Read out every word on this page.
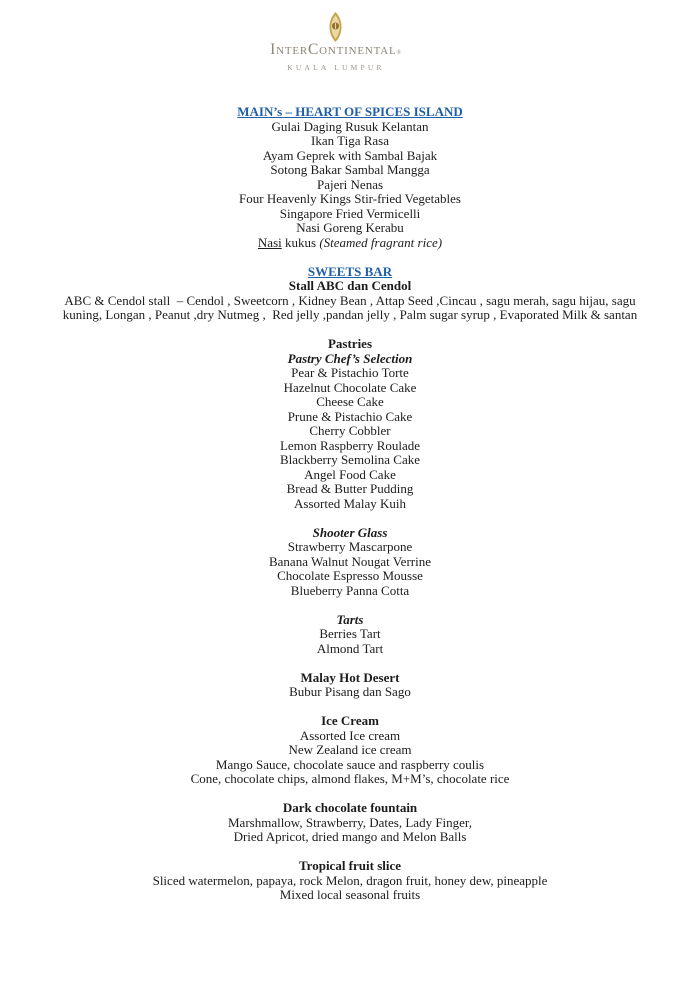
InterContinental®
KUALA LUMPUR
MAIN’s – HEART OF SPICES ISLAND
Gulai Daging Rusuk Kelantan
Ikan Tiga Rasa
Ayam Geprek with Sambal Bajak
Sotong Bakar Sambal Mangga
Pajeri Nenas
Four Heavenly Kings Stir-fried Vegetables
Singapore Fried Vermicelli
Nasi Goreng Kerabu
Nasi kukus (Steamed fragrant rice)
SWEETS BAR
Stall ABC dan Cendol
ABC & Cendol stall  – Cendol , Sweetcorn , Kidney Bean , Attap Seed ,Cincau , sagu merah, sagu hijau, sagu
kuning, Longan , Peanut ,dry Nutmeg ,  Red jelly ,pandan jelly , Palm sugar syrup , Evaporated Milk & santan
Pastries
Pastry Chef’s Selection
Pear & Pistachio Torte
Hazelnut Chocolate Cake
Cheese Cake
Prune & Pistachio Cake
Cherry Cobbler
Lemon Raspberry Roulade
Blackberry Semolina Cake
Angel Food Cake
Bread & Butter Pudding
Assorted Malay Kuih
Shooter Glass
Strawberry Mascarpone
Banana Walnut Nougat Verrine
Chocolate Espresso Mousse
Blueberry Panna Cotta
Tarts
Berries Tart
Almond Tart
Malay Hot Desert
Bubur Pisang dan Sago
Ice Cream
Assorted Ice cream
New Zealand ice cream
Mango Sauce, chocolate sauce and raspberry coulis
Cone, chocolate chips, almond flakes, M+M’s, chocolate rice
Dark chocolate fountain
Marshmallow, Strawberry, Dates, Lady Finger,
Dried Apricot, dried mango and Melon Balls
Tropical fruit slice
Sliced watermelon, papaya, rock Melon, dragon fruit, honey dew, pineapple
Mixed local seasonal fruits
